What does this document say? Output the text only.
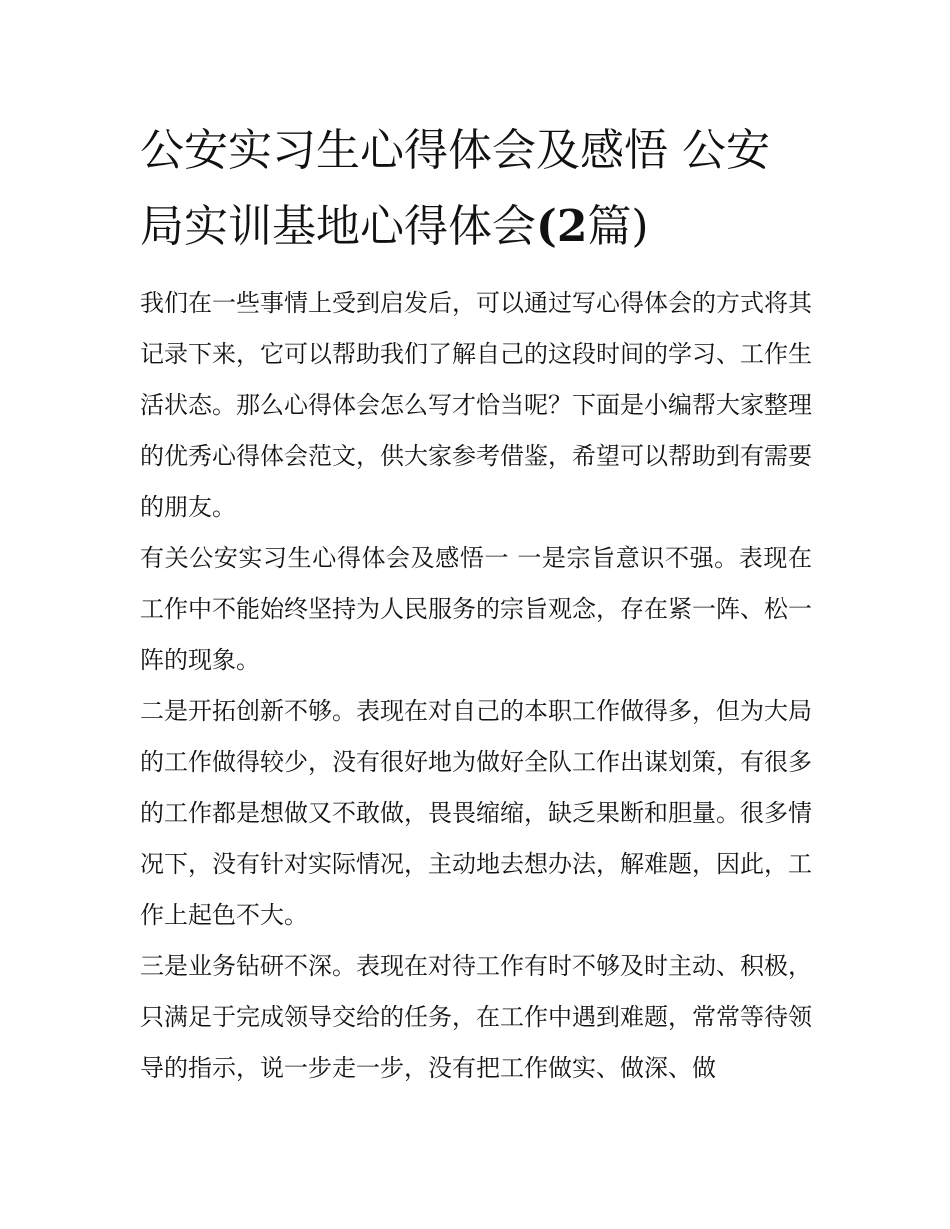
公安实习生心得体会及感悟 公安局实训基地心得体会(2篇)

我们在一些事情上受到启发后，可以通过写心得体会的方式将其记录下来，它可以帮助我们了解自己的这段时间的学习、工作生活状态。那么心得体会怎么写才恰当呢？下面是小编帮大家整理的优秀心得体会范文，供大家参考借鉴，希望可以帮助到有需要的朋友。

有关公安实习生心得体会及感悟一 一是宗旨意识不强。表现在工作中不能始终坚持为人民服务的宗旨观念，存在紧一阵、松一阵的现象。

二是开拓创新不够。表现在对自己的本职工作做得多，但为大局的工作做得较少，没有很好地为做好全队工作出谋划策，有很多的工作都是想做又不敢做，畏畏缩缩，缺乏果断和胆量。很多情况下，没有针对实际情况，主动地去想办法，解难题，因此，工作上起色不大。

三是业务钻研不深。表现在对待工作有时不够及时主动、积极，只满足于完成领导交给的任务，在工作中遇到难题，常常等待领导的指示，说一步走一步，没有把工作做实、做深、做
